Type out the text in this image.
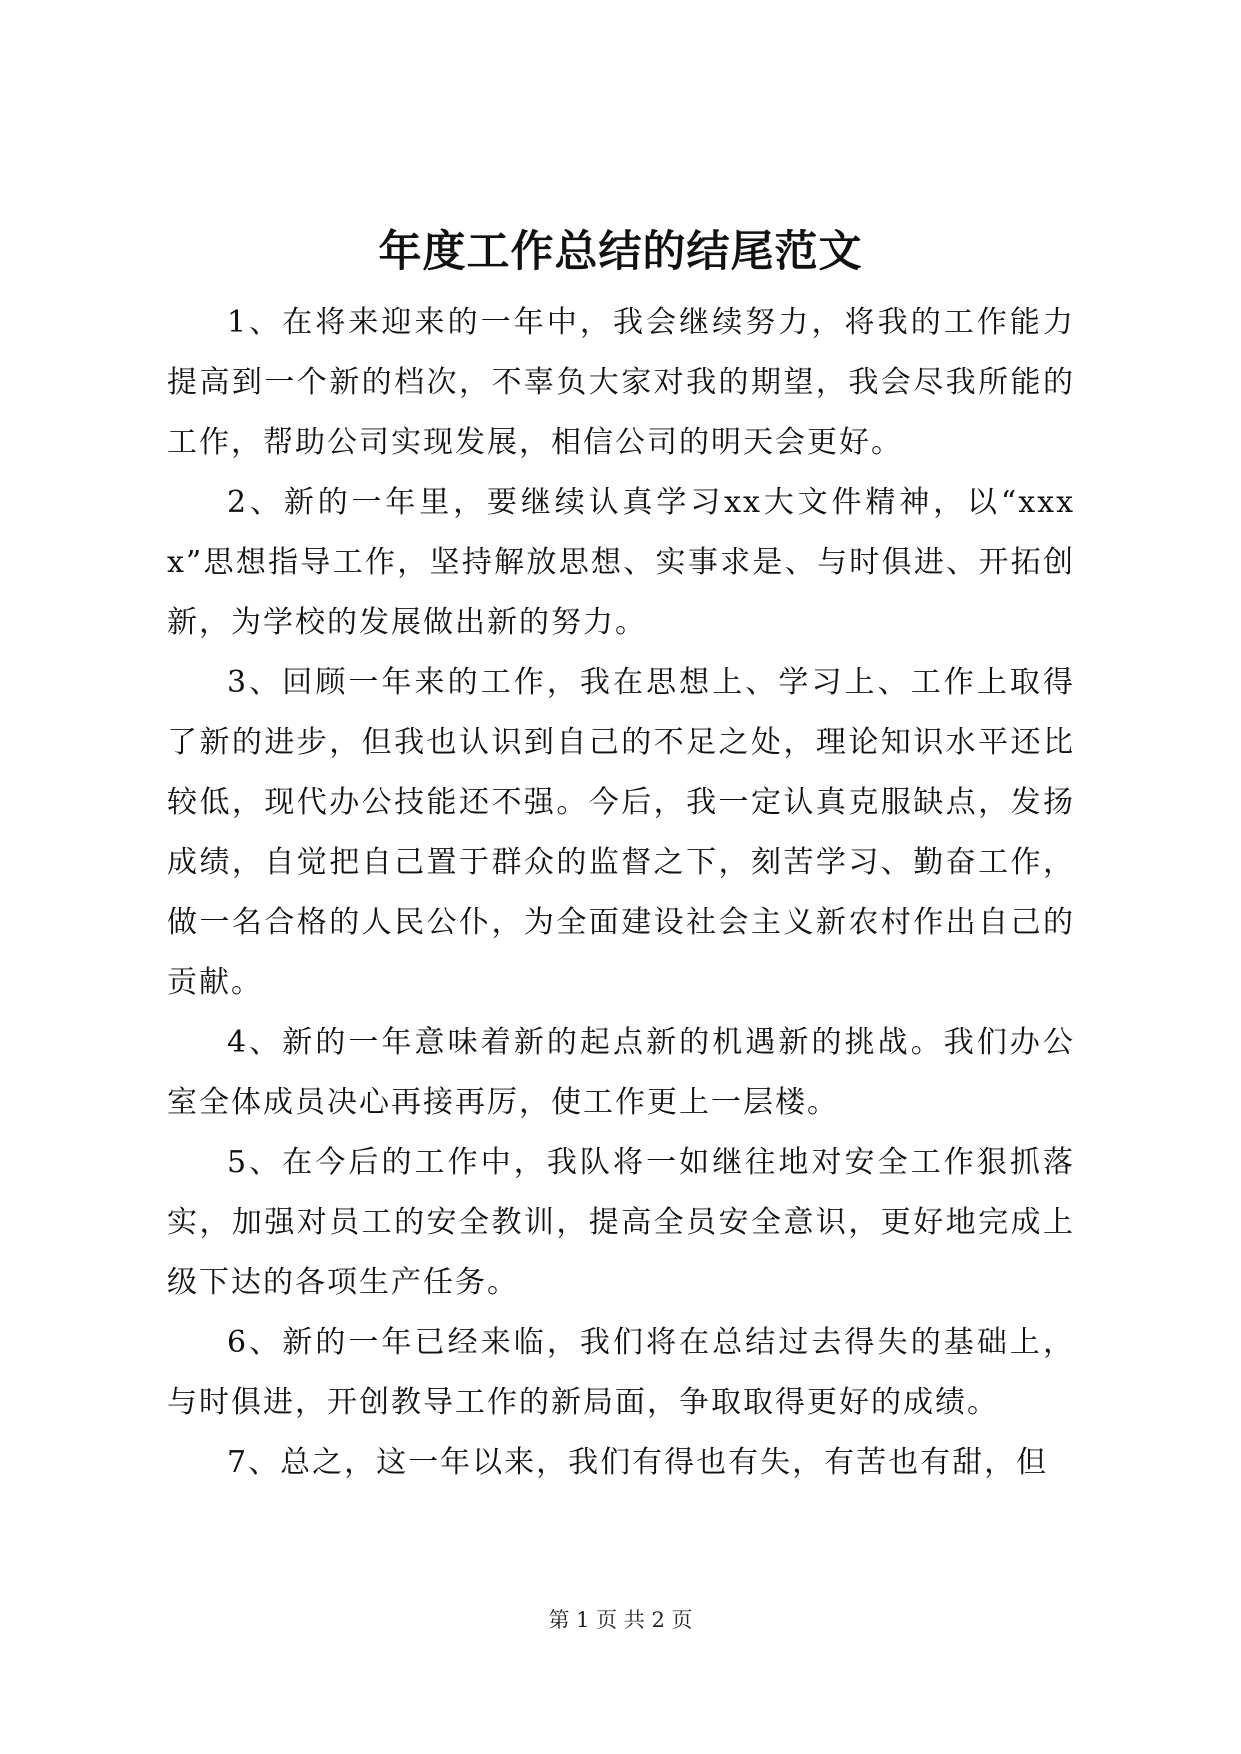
年度工作总结的结尾范文

1、在将来迎来的一年中，我会继续努力，将我的工作能力提高到一个新的档次，不辜负大家对我的期望，我会尽我所能的工作，帮助公司实现发展，相信公司的明天会更好。

2、新的一年里，要继续认真学习xx大文件精神，以“xxxx”思想指导工作，坚持解放思想、实事求是、与时俱进、开拓创新，为学校的发展做出新的努力。

3、回顾一年来的工作，我在思想上、学习上、工作上取得了新的进步，但我也认识到自己的不足之处，理论知识水平还比较低，现代办公技能还不强。今后，我一定认真克服缺点，发扬成绩，自觉把自己置于群众的监督之下，刻苦学习、勤奋工作，做一名合格的人民公仆，为全面建设社会主义新农村作出自己的贡献。

4、新的一年意味着新的起点新的机遇新的挑战。我们办公室全体成员决心再接再厉，使工作更上一层楼。

5、在今后的工作中，我队将一如继往地对安全工作狠抓落实，加强对员工的安全教训，提高全员安全意识，更好地完成上级下达的各项生产任务。

6、新的一年已经来临，我们将在总结过去得失的基础上，与时俱进，开创教导工作的新局面，争取取得更好的成绩。

7、总之，这一年以来，我们有得也有失，有苦也有甜，但

第 1 页 共 2 页
